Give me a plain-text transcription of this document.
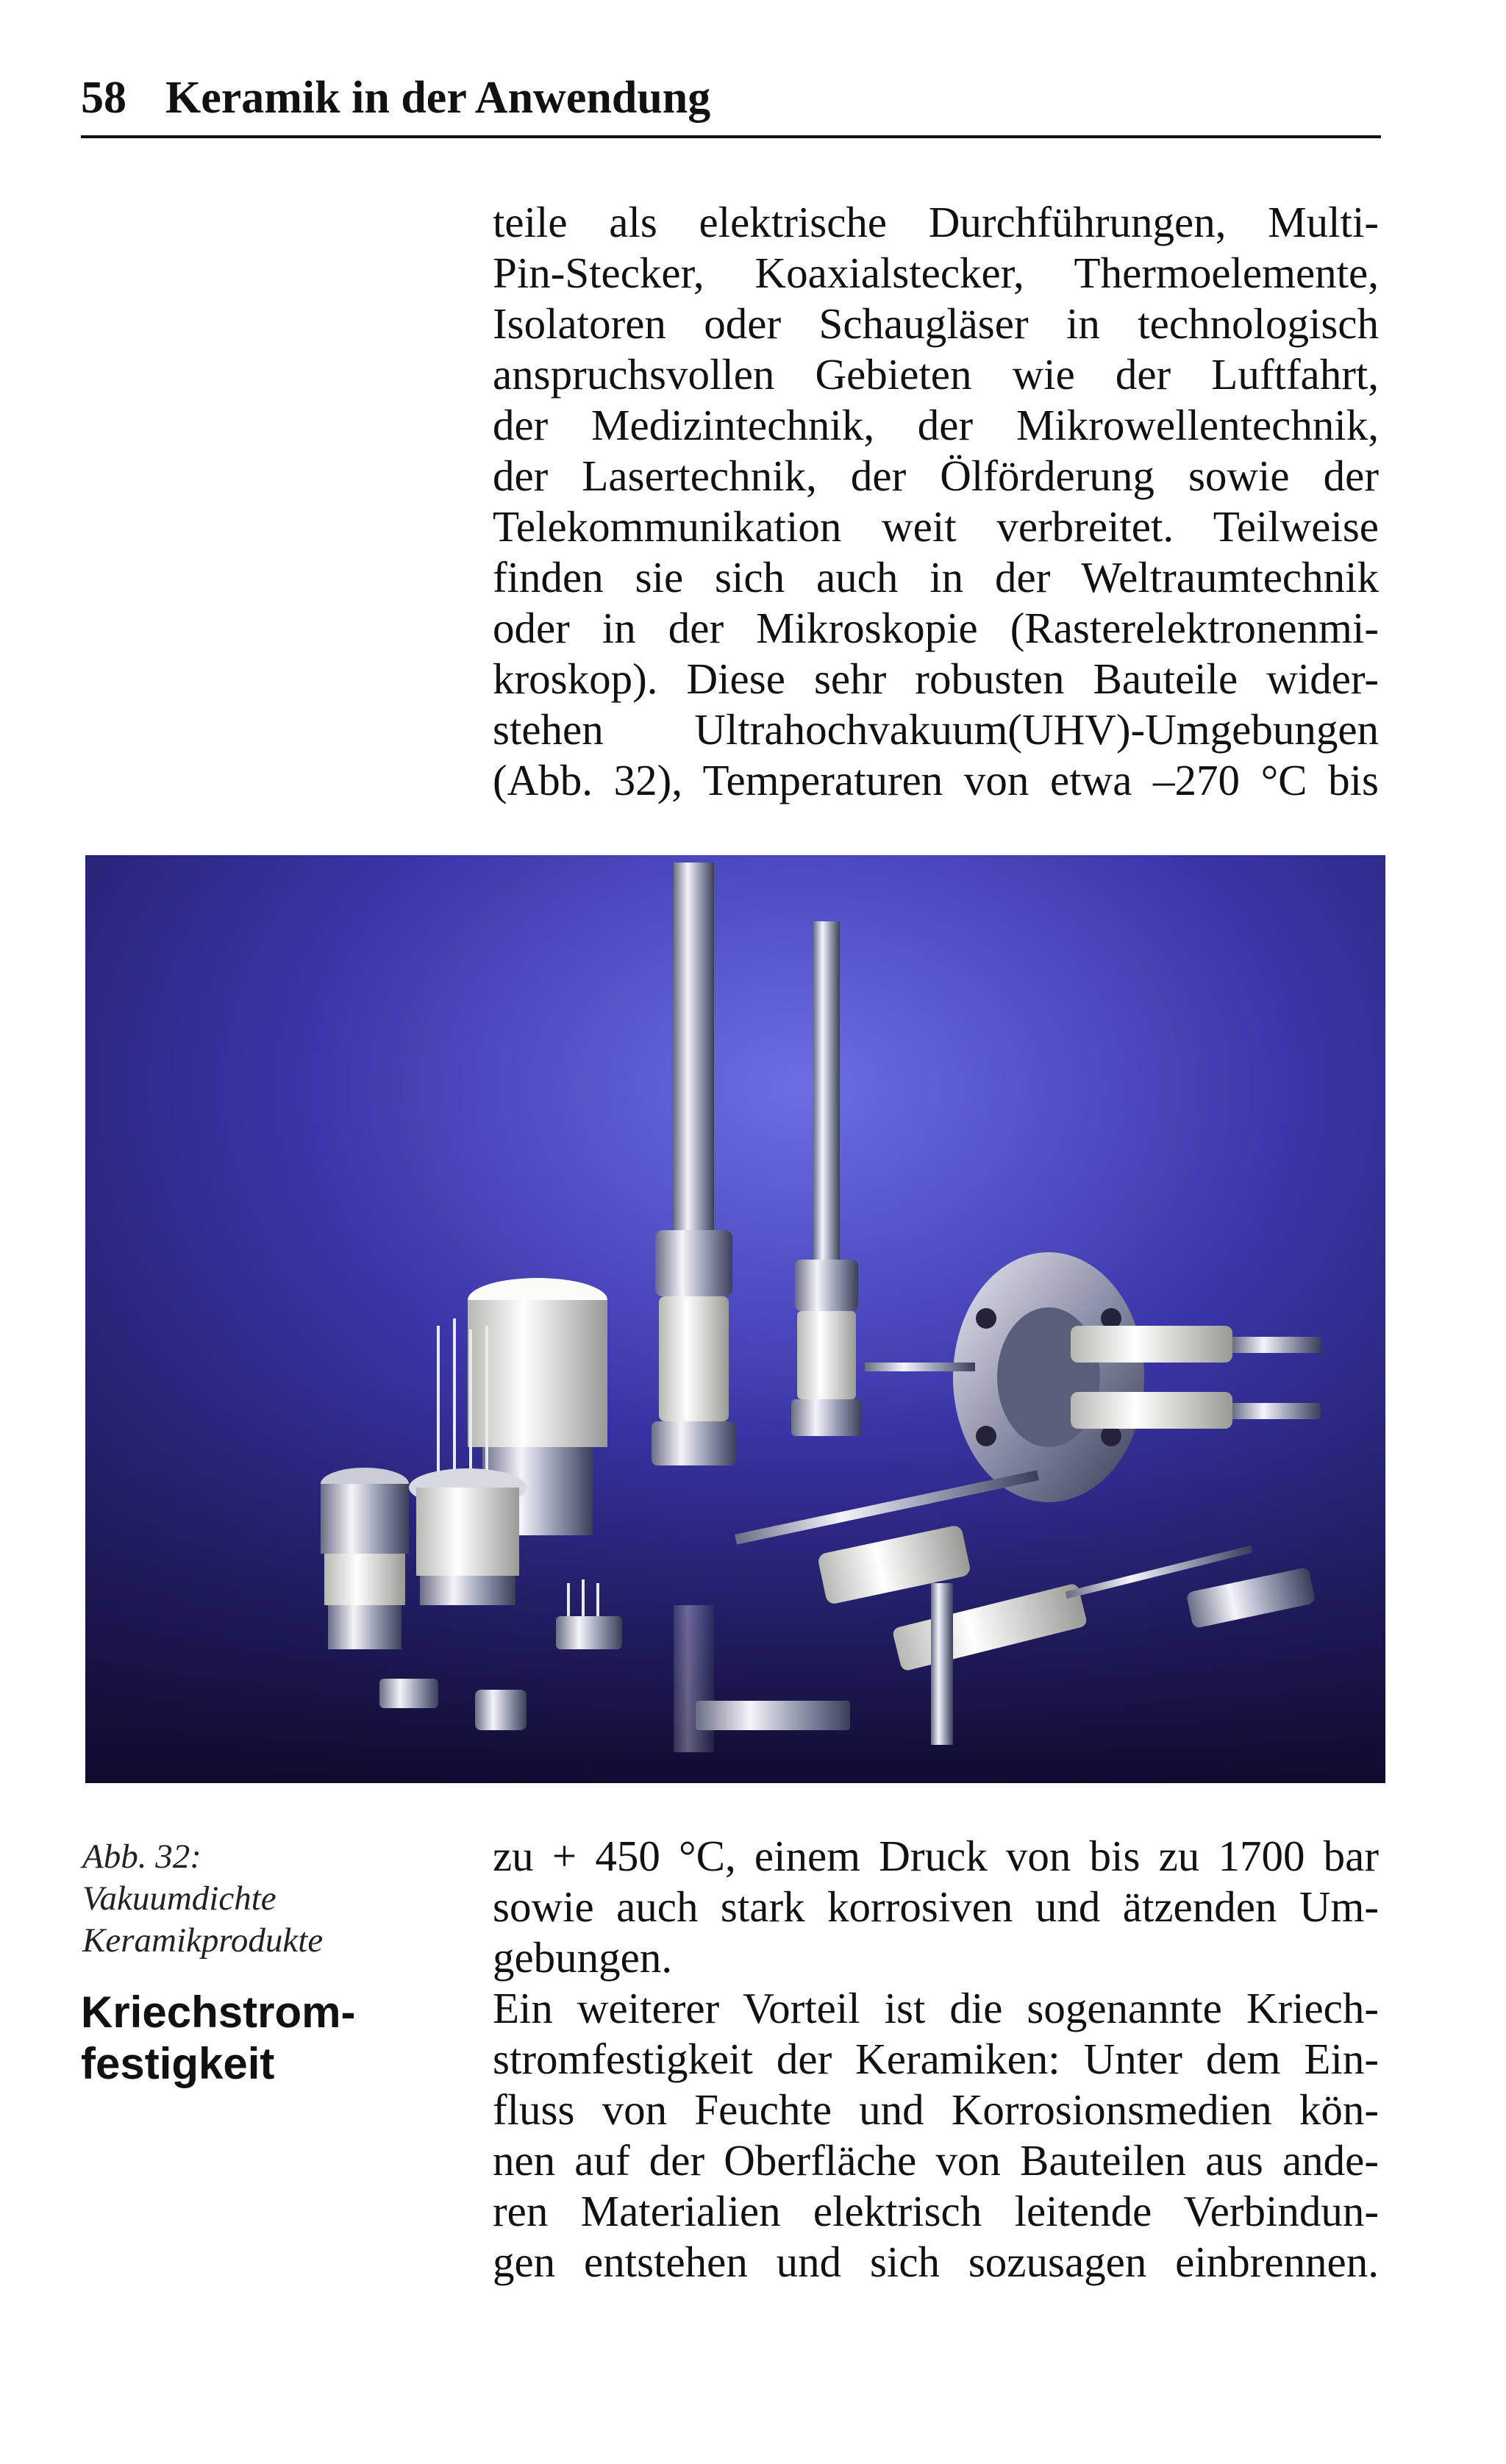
58 Keramik in der Anwendung
teile als elektrische Durchführungen, Multi-
Pin-Stecker, Koaxialstecker, Thermoelemente,
Isolatoren oder Schaugläser in technologisch
anspruchsvollen Gebieten wie der Luftfahrt,
der Medizintechnik, der Mikrowellentechnik,
der Lasertechnik, der Ölförderung sowie der
Telekommunikation weit verbreitet. Teilweise
finden sie sich auch in der Weltraumtechnik
oder in der Mikroskopie (Rasterelektronenmi-
kroskop). Diese sehr robusten Bauteile wider-
stehen Ultrahochvakuum(UHV)-Umgebungen
(Abb. 32), Temperaturen von etwa –270 °C bis
Abb. 32:
Vakuumdichte
Keramikprodukte
Kriechstrom-
festigkeit
zu + 450 °C, einem Druck von bis zu 1700 bar
sowie auch stark korrosiven und ätzenden Um-
gebungen.
Ein weiterer Vorteil ist die sogenannte Kriech-
stromfestigkeit der Keramiken: Unter dem Ein-
fluss von Feuchte und Korrosionsmedien kön-
nen auf der Oberfläche von Bauteilen aus ande-
ren Materialien elektrisch leitende Verbindun-
gen entstehen und sich sozusagen einbrennen.
